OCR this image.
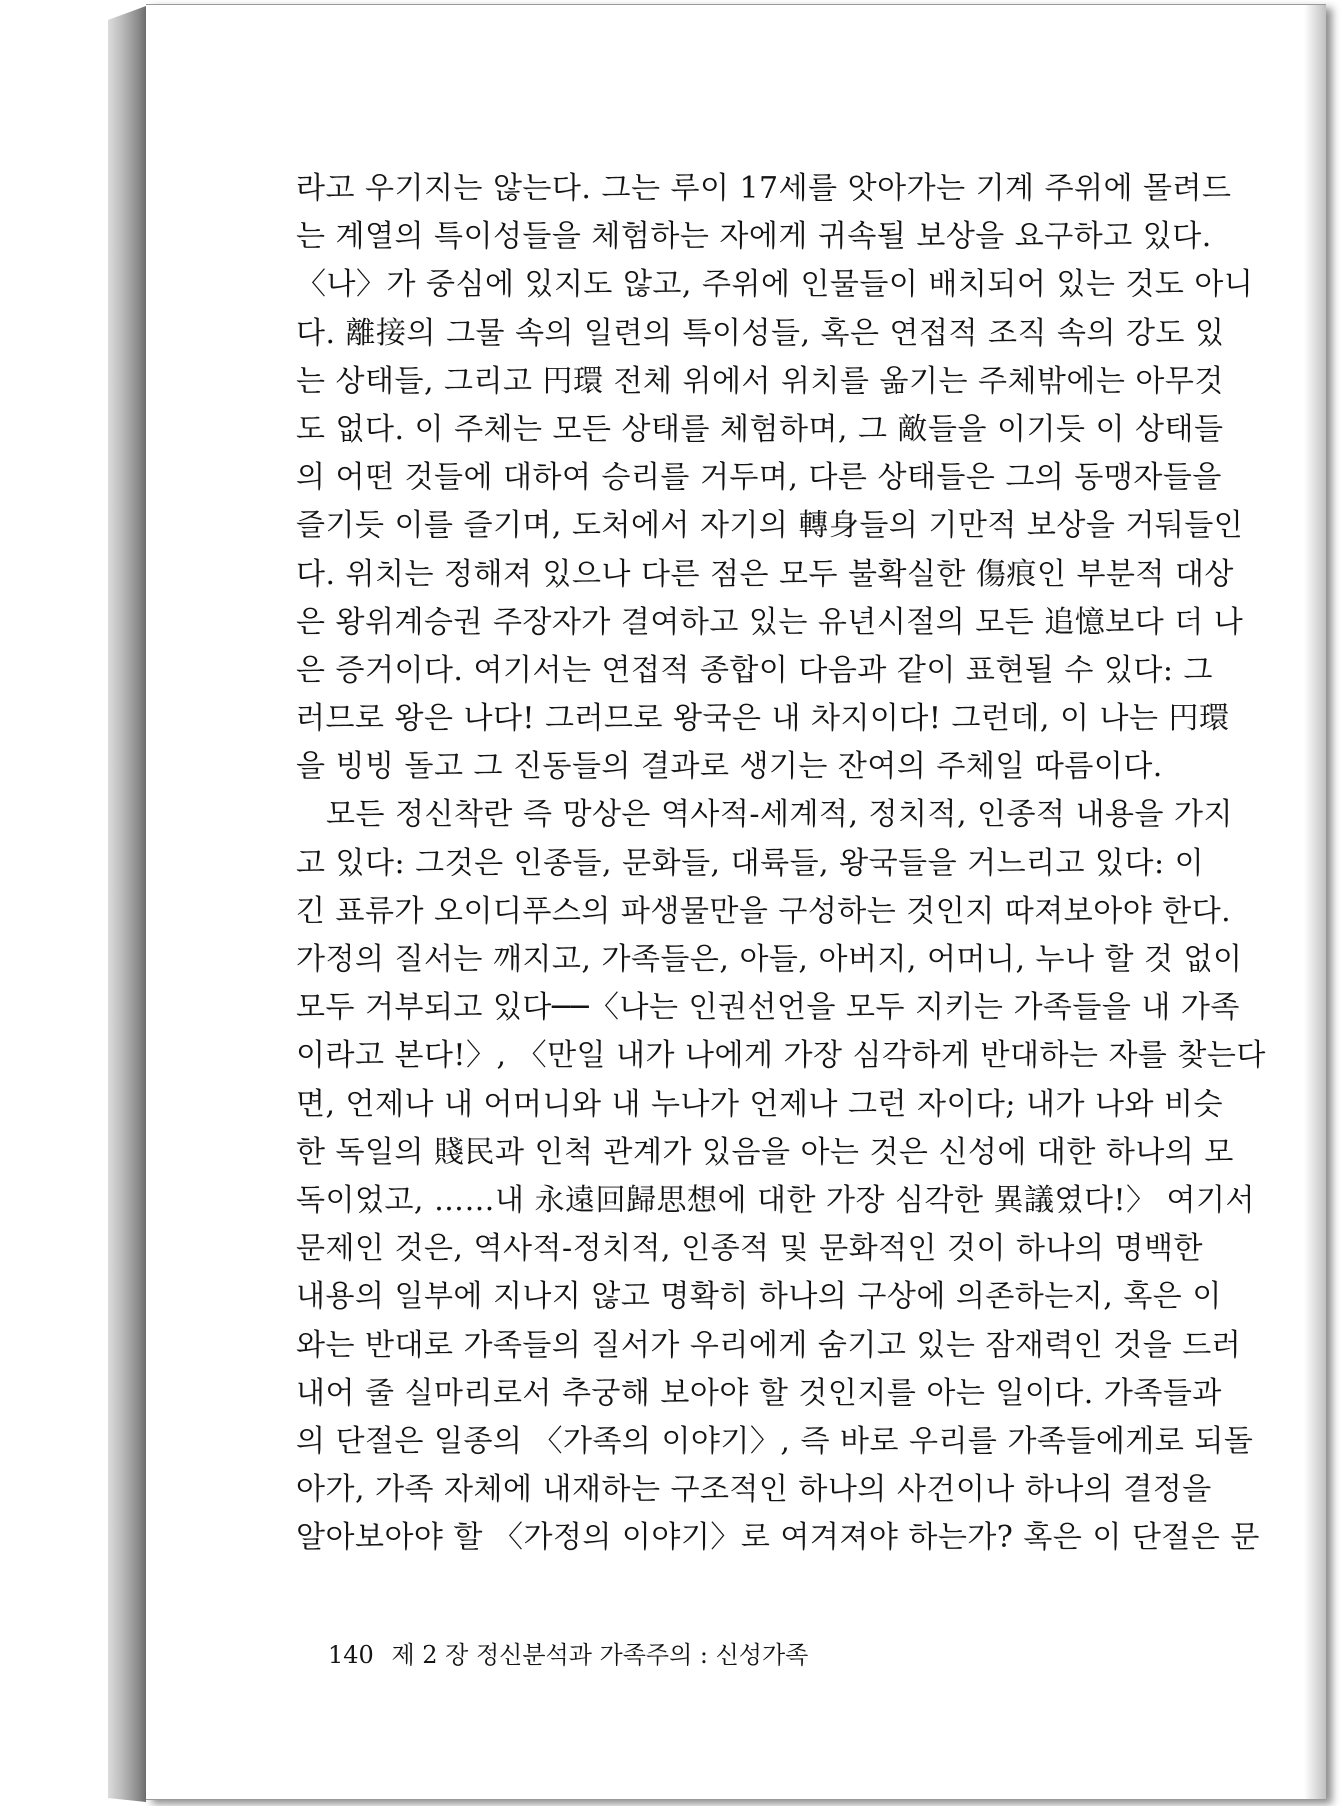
라고 우기지는 않는다. 그는 루이 17세를 앗아가는 기계 주위에 몰려드
는 계열의 특이성들을 체험하는 자에게 귀속될 보상을 요구하고 있다.
〈나〉가 중심에 있지도 않고, 주위에 인물들이 배치되어 있는 것도 아니
다. 離接의 그물 속의 일련의 특이성들, 혹은 연접적 조직 속의 강도 있
는 상태들, 그리고 円環 전체 위에서 위치를 옮기는 주체밖에는 아무것
도 없다. 이 주체는 모든 상태를 체험하며, 그 敵들을 이기듯 이 상태들
의 어떤 것들에 대하여 승리를 거두며, 다른 상태들은 그의 동맹자들을
즐기듯 이를 즐기며, 도처에서 자기의 轉身들의 기만적 보상을 거둬들인
다. 위치는 정해져 있으나 다른 점은 모두 불확실한 傷痕인 부분적 대상
은 왕위계승권 주장자가 결여하고 있는 유년시절의 모든 追憶보다 더 나
은 증거이다. 여기서는 연접적 종합이 다음과 같이 표현될 수 있다: 그
러므로 왕은 나다! 그러므로 왕국은 내 차지이다! 그런데, 이 나는 円環
을 빙빙 돌고 그 진동들의 결과로 생기는 잔여의 주체일 따름이다.
모든 정신착란 즉 망상은 역사적-세계적, 정치적, 인종적 내용을 가지
고 있다: 그것은 인종들, 문화들, 대륙들, 왕국들을 거느리고 있다: 이
긴 표류가 오이디푸스의 파생물만을 구성하는 것인지 따져보아야 한다.
가정의 질서는 깨지고, 가족들은, 아들, 아버지, 어머니, 누나 할 것 없이
모두 거부되고 있다──〈나는 인권선언을 모두 지키는 가족들을 내 가족
이라고 본다!〉, 〈만일 내가 나에게 가장 심각하게 반대하는 자를 찾는다
면, 언제나 내 어머니와 내 누나가 언제나 그런 자이다; 내가 나와 비슷
한 독일의 賤民과 인척 관계가 있음을 아는 것은 신성에 대한 하나의 모
독이었고, ……내 永遠回歸思想에 대한 가장 심각한 異議였다!〉 여기서
문제인 것은, 역사적-정치적, 인종적 및 문화적인 것이 하나의 명백한
내용의 일부에 지나지 않고 명확히 하나의 구상에 의존하는지, 혹은 이
와는 반대로 가족들의 질서가 우리에게 숨기고 있는 잠재력인 것을 드러
내어 줄 실마리로서 추궁해 보아야 할 것인지를 아는 일이다. 가족들과
의 단절은 일종의 〈가족의 이야기〉, 즉 바로 우리를 가족들에게로 되돌
아가, 가족 자체에 내재하는 구조적인 하나의 사건이나 하나의 결정을
알아보아야 할 〈가정의 이야기〉로 여겨져야 하는가? 혹은 이 단절은 문
140 제 2 장 정신분석과 가족주의 : 신성가족
